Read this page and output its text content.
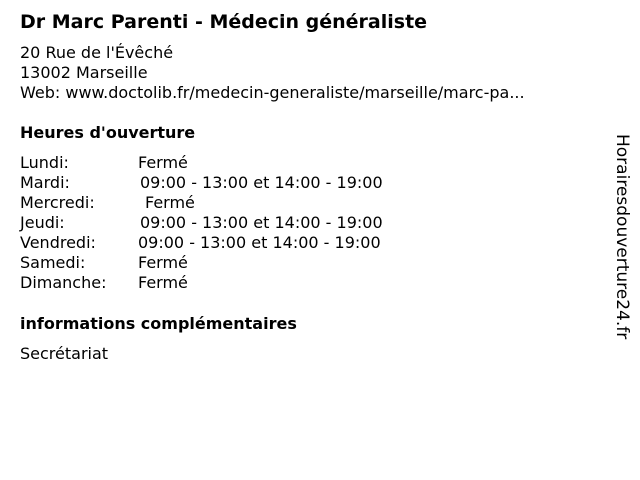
Dr Marc Parenti - Médecin généraliste
20 Rue de l'Évêché
13002 Marseille
Web: www.doctolib.fr/medecin-generaliste/marseille/marc-pa...
Heures d'ouverture
Lundi:	Fermé
Mardi:	09:00 - 13:00 et 14:00 - 19:00
Mercredi:	Fermé
Jeudi:	09:00 - 13:00 et 14:00 - 19:00
Vendredi:	09:00 - 13:00 et 14:00 - 19:00
Samedi:	Fermé
Dimanche: Fermé
informations complémentaires
Secrétariat
Horairesdouverture24.fr
